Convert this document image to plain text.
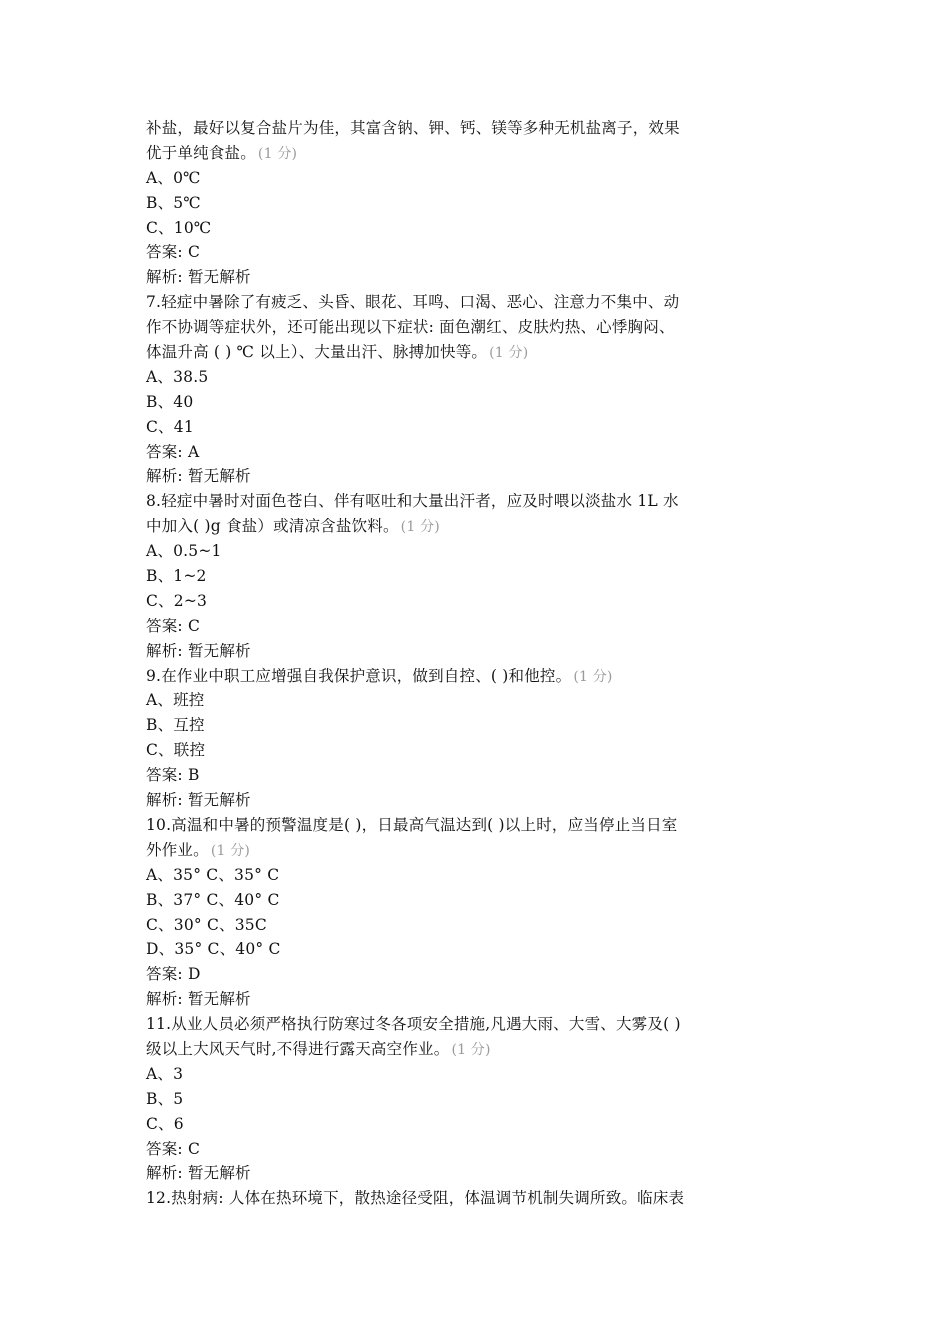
补盐，最好以复合盐片为佳，其富含钠、钾、钙、镁等多种无机盐离子，效果
优于单纯食盐。 (1 分)
A、0℃
B、5℃
C、10℃
答案: C
解析: 暂无解析
7.轻症中暑除了有疲乏、头昏、眼花、耳鸣、口渴、恶心、注意力不集中、动
作不协调等症状外，还可能出现以下症状: 面色潮红、皮肤灼热、心悸胸闷、
体温升高 ( ) ℃ 以上）、大量出汗、脉搏加快等。 (1 分)
A、38.5
B、40
C、41
答案: A
解析: 暂无解析
8.轻症中暑时对面色苍白、伴有呕吐和大量出汗者，应及时喂以淡盐水 1L 水
中加入( )g 食盐）或清凉含盐饮料。 (1 分)
A、0.5~1
B、1~2
C、2~3
答案: C
解析: 暂无解析
9.在作业中职工应增强自我保护意识，做到自控、( )和他控。 (1 分)
A、班控
B、互控
C、联控
答案: B
解析: 暂无解析
10.高温和中暑的预警温度是( )，日最高气温达到( )以上时，应当停止当日室
外作业。 (1 分)
A、35° C、35° C
B、37° C、40° C
C、30° C、35C
D、35° C、40° C
答案: D
解析: 暂无解析
11.从业人员必须严格执行防寒过冬各项安全措施,凡遇大雨、大雪、大雾及( )
级以上大风天气时,不得进行露天高空作业。 (1 分)
A、3
B、5
C、6
答案: C
解析: 暂无解析
12.热射病: 人体在热环境下，散热途径受阻，体温调节机制失调所致。临床表
